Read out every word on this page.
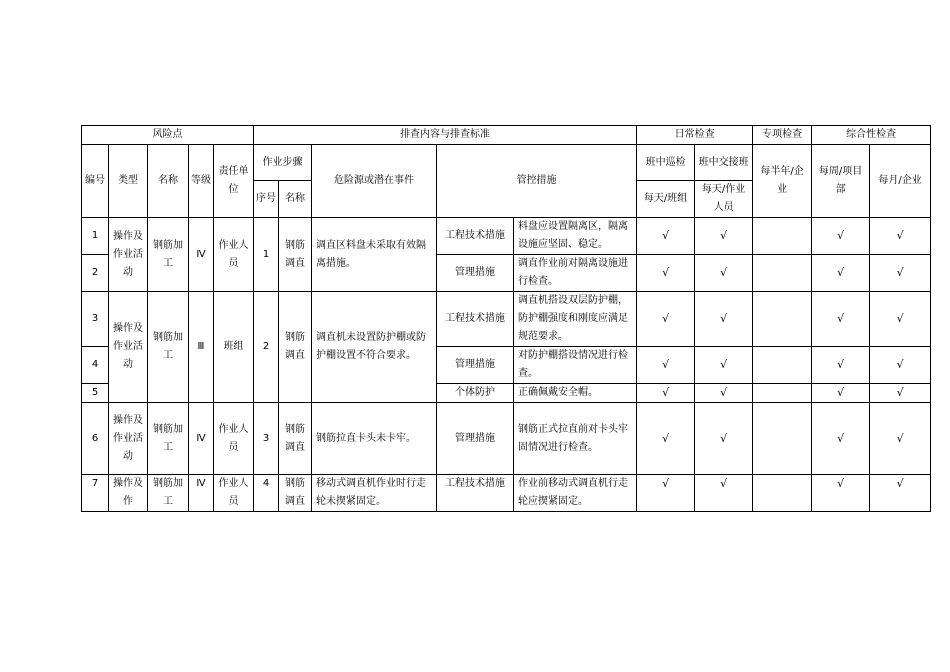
风险点					排查内容与排查标准					日常检查		专项检查	综合性检查	
编号	类型	名称	等级	责任单位	作业步骤		危险源或潜在事件	管控措施		班中巡检	班中交接班	每半年/企业	每周/项目部	每月/企业
					序号	名称				每天/班组	每天/作业人员			
1	操作及作业活动	钢筋加工	Ⅳ	作业人员	1	钢筋调直	调直区料盘未采取有效隔离措施。	工程技术措施	料盘应设置隔离区，隔离设施应坚固、稳定。	√	√		√	√
2								管理措施	调直作业前对隔离设施进行检查。	√	√		√	√
3	操作及作业活动	钢筋加工	Ⅲ	班组	2	钢筋调直	调直机未设置防护棚或防护棚设置不符合要求。	工程技术措施	调直机搭设双层防护棚，防护棚强度和刚度应满足规范要求。	√	√		√	√
4								管理措施	对防护棚搭设情况进行检查。	√	√		√	√
5								个体防护	正确佩戴安全帽。	√	√		√	√
6	操作及作业活动	钢筋加工	Ⅳ	作业人员	3	钢筋调直	钢筋拉直卡头未卡牢。	管理措施	钢筋正式拉直前对卡头牢固情况进行检查。	√	√		√	√
7	操作及作	钢筋加工	Ⅳ	作业人员	4	钢筋调直	移动式调直机作业时行走轮未揳紧固定。	工程技术措施	作业前移动式调直机行走轮应揳紧固定。	√	√		√	√
